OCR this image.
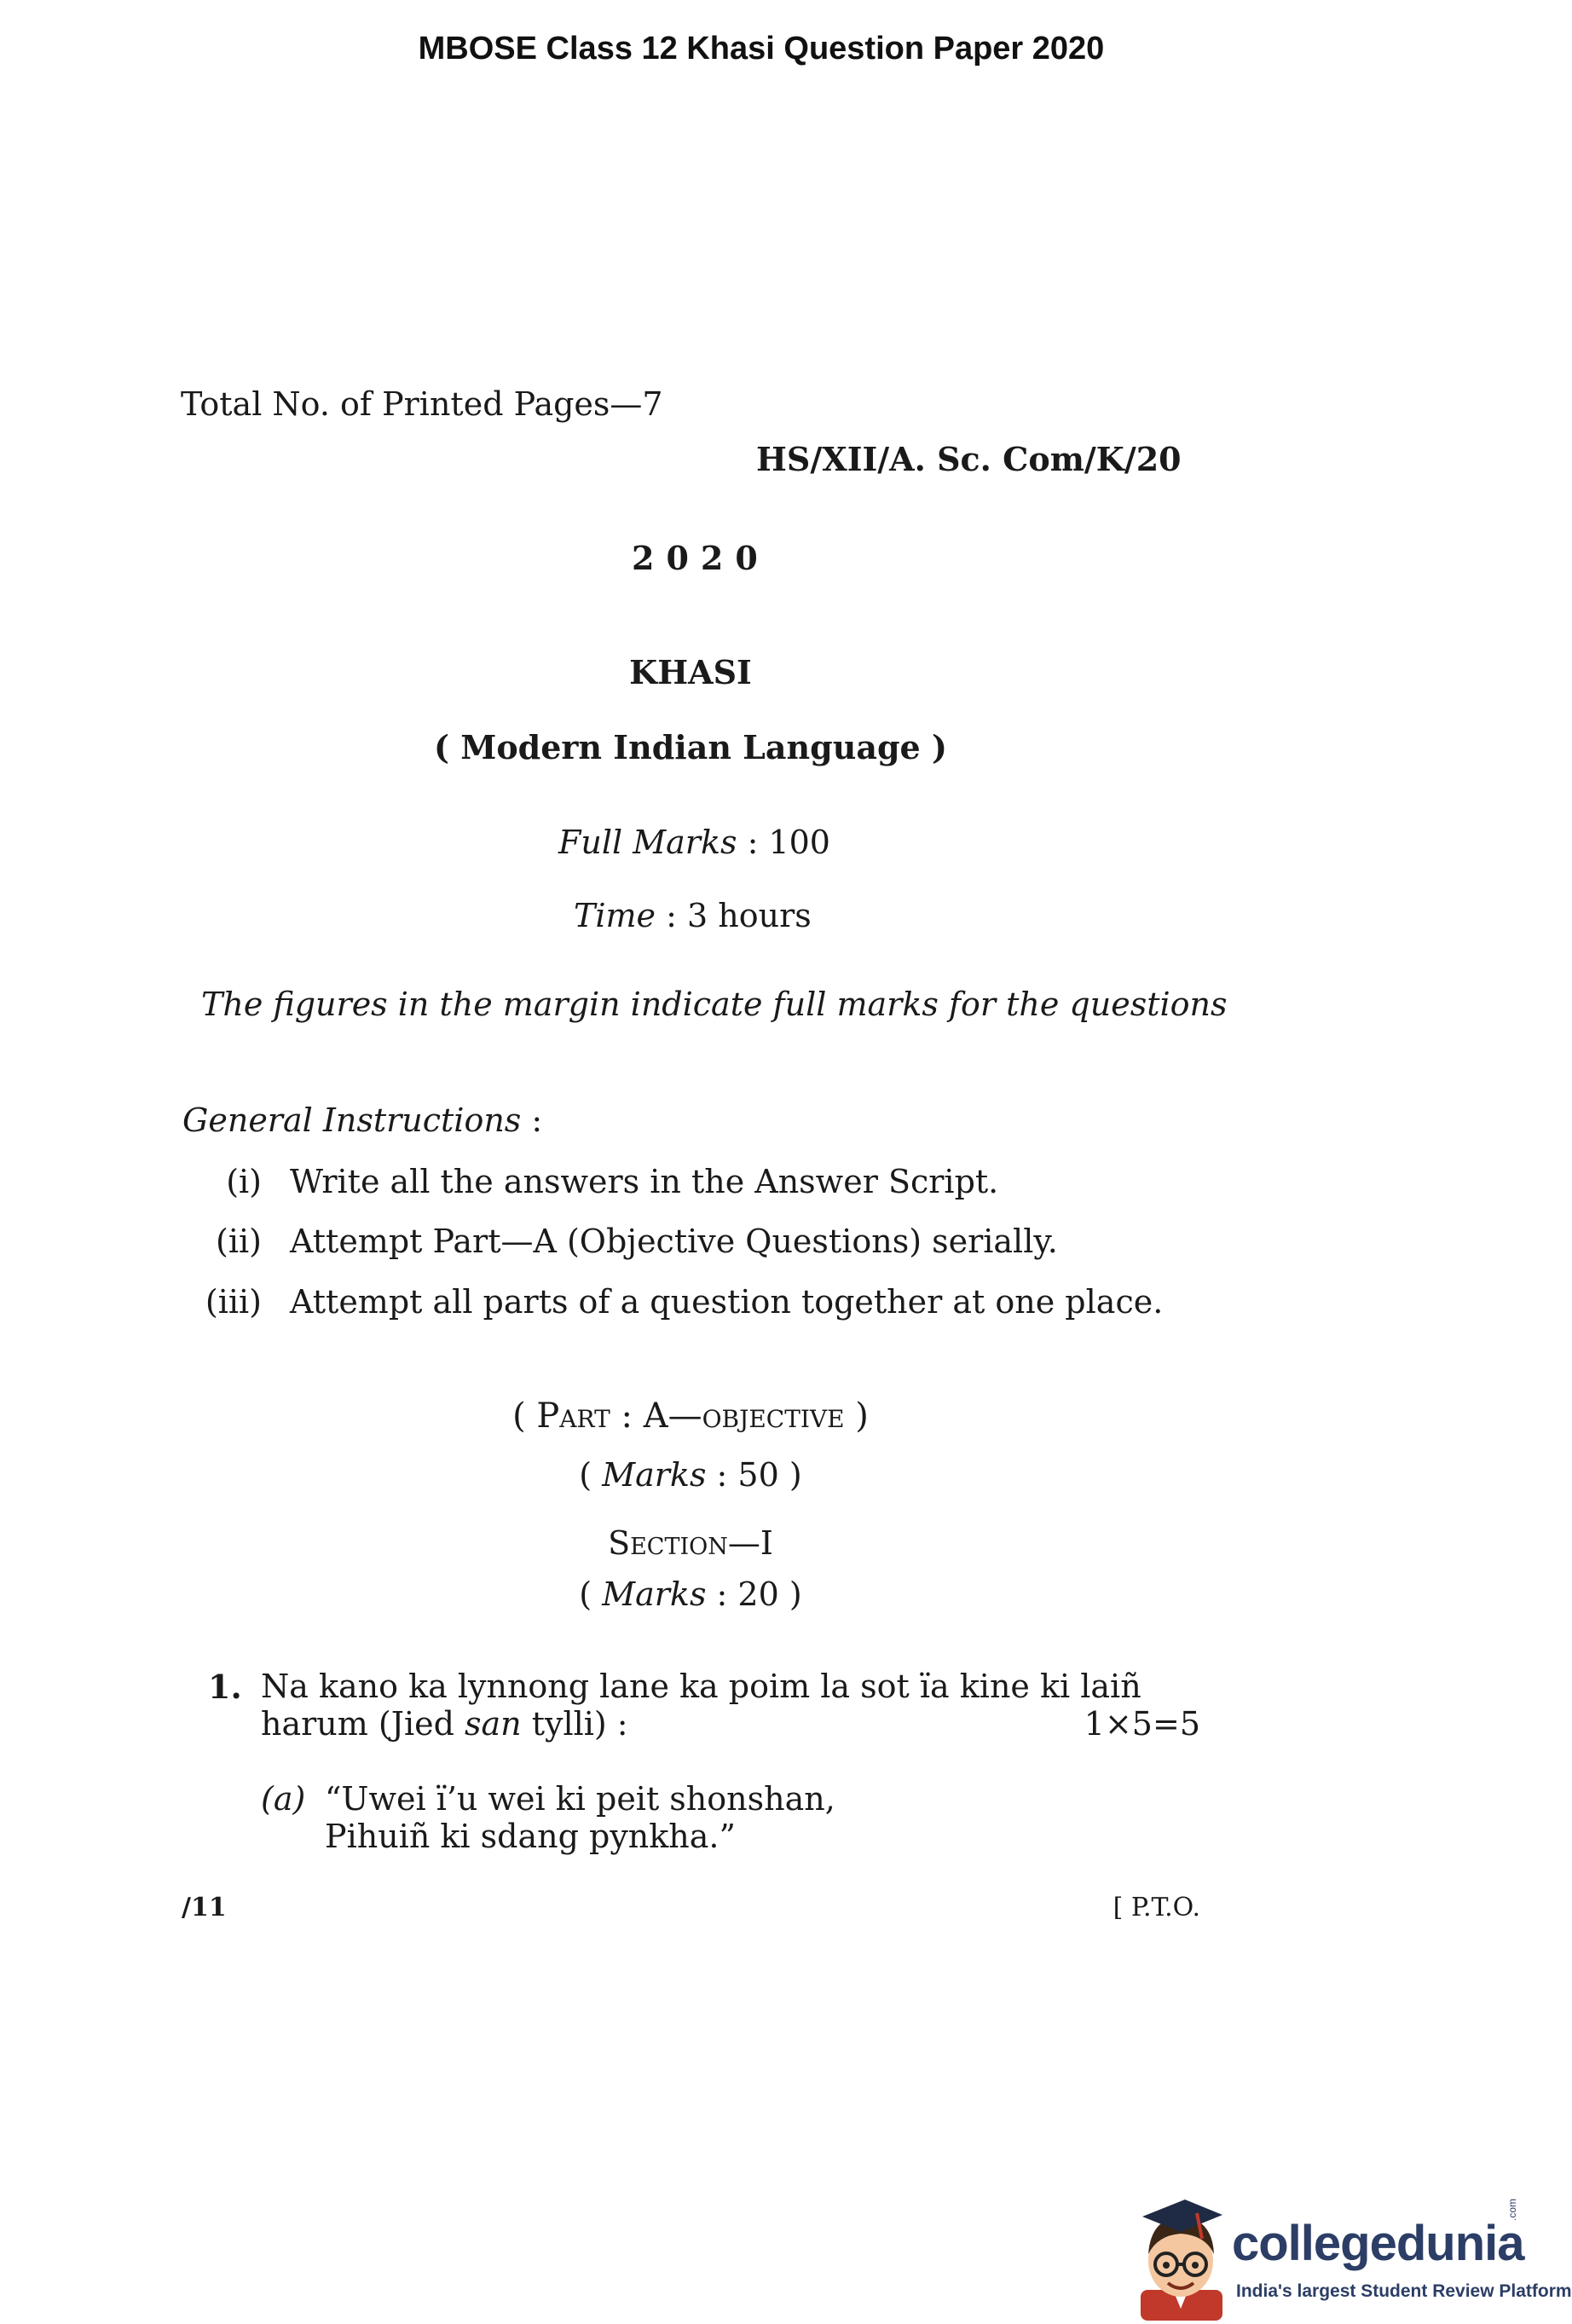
MBOSE Class 12 Khasi Question Paper 2020
Total No. of Printed Pages—7
HS/XII/A. Sc. Com/K/20
2020
KHASI
( Modern Indian Language )
Full Marks : 100
Time : 3 hours
The figures in the margin indicate full marks for the questions
General Instructions :
(i) Write all the answers in the Answer Script.
(ii) Attempt Part—A (Objective Questions) serially.
(iii) Attempt all parts of a question together at one place.
( Part : A—objective )
( Marks : 50 )
Section—I
( Marks : 20 )
1. Na kano ka lynnong lane ka poim la sot ïa kine ki laiñ
harum (Jied san tylli) :	1×5=5
(a) “Uwei ï’u wei ki peit shonshan,
Pihuiñ ki sdang pynkha.”
/11	[ P.T.O.
collegedunia
.com
India's largest Student Review Platform
